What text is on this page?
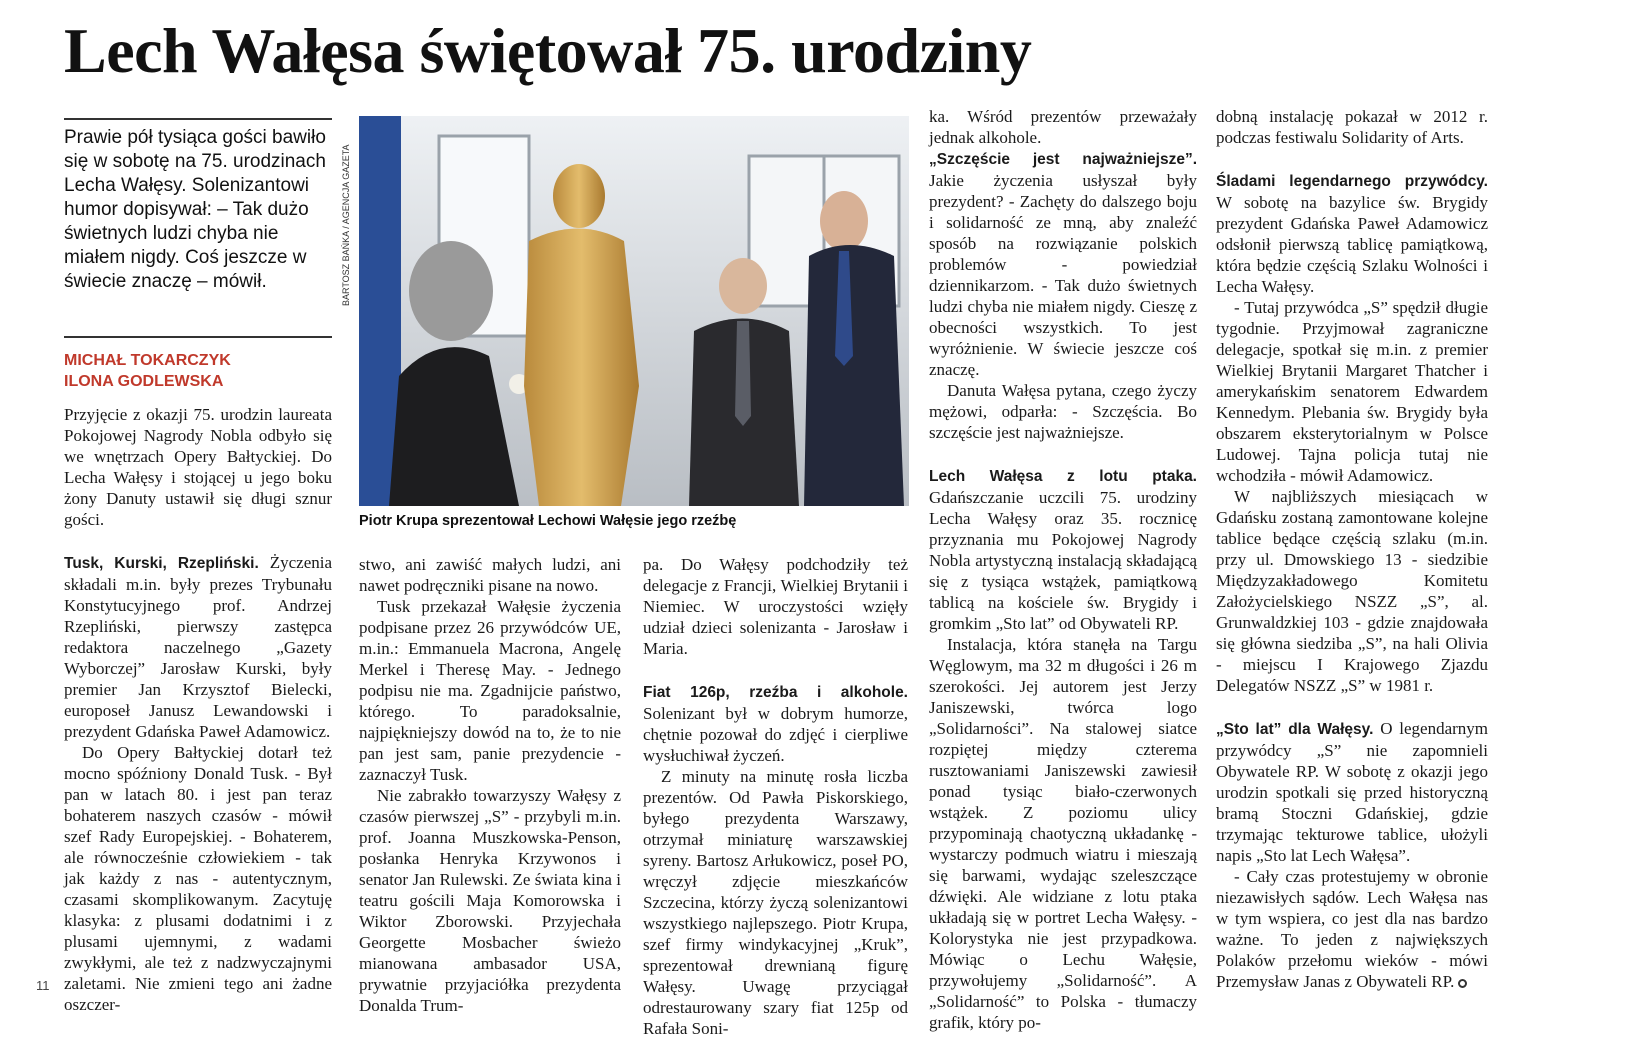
Lech Wałęsa świętował 75. urodziny
Prawie pół tysiąca gości bawiło się w sobotę na 75. urodzinach Lecha Wałęsy. Solenizantowi humor dopisywał: – Tak dużo świetnych ludzi chyba nie miałem nigdy. Coś jeszcze w świecie znaczę – mówił.
MICHAŁ TOKARCZYK
ILONA GODLEWSKA

Przyjęcie z okazji 75. urodzin laureata Pokojowej Nagrody Nobla odbyło się we wnętrzach Opery Bałtyckiej. Do Lecha Wałęsy i stojącej u jego boku żony Danuty ustawił się długi sznur gości.

Tusk, Kurski, Rzepliński. Życzenia składali m.in. były prezes Trybunału Konstytucyjnego prof. Andrzej Rzepliński, pierwszy zastępca redaktora naczelnego „Gazety Wyborczej” Jarosław Kurski, były premier Jan Krzysztof Bielecki, europoseł Janusz Lewandowski i prezydent Gdańska Paweł Adamowicz.

Do Opery Bałtyckiej dotarł też mocno spóźniony Donald Tusk. - Był pan w latach 80. i jest pan teraz bohaterem naszych czasów - mówił szef Rady Europejskiej. - Bohaterem, ale równocześnie człowiekiem - tak jak każdy z nas - autentycznym, czasami skomplikowanym. Zacytuję klasyka: z plusami dodatnimi i z plusami ujemnymi, z wadami zwykłymi, ale też z nadzwyczajnymi zaletami. Nie zmieni tego ani żadne oszczer-

BARTOSZ BAŃKA / AGENCJA GAZETA
Piotr Krupa sprezentował Lechowi Wałęsie jego rzeźbę

stwo, ani zawiść małych ludzi, ani nawet podręczniki pisane na nowo.

Tusk przekazał Wałęsie życzenia podpisane przez 26 przywódców UE, m.in.: Emmanuela Macrona, Angelę Merkel i Theresę May. - Jednego podpisu nie ma. Zgadnijcie państwo, którego. To paradoksalnie, najpiękniejszy dowód na to, że to nie pan jest sam, panie prezydencie - zaznaczył Tusk.

Nie zabrakło towarzyszy Wałęsy z czasów pierwszej „S” - przybyli m.in. prof. Joanna Muszkowska-Penson, posłanka Henryka Krzywonos i senator Jan Rulewski. Ze świata kina i teatru gościli Maja Komorowska i Wiktor Zborowski. Przyjechała Georgette Mosbacher świeżo mianowana ambasador USA, prywatnie przyjaciółka prezydenta Donalda Trum-

pa. Do Wałęsy podchodziły też delegacje z Francji, Wielkiej Brytanii i Niemiec. W uroczystości wzięły udział dzieci solenizanta - Jarosław i Maria.

Fiat 126p, rzeźba i alkohole. Solenizant był w dobrym humorze, chętnie pozował do zdjęć i cierpliwe wysłuchiwał życzeń.

Z minuty na minutę rosła liczba prezentów. Od Pawła Piskorskiego, byłego prezydenta Warszawy, otrzymał miniaturę warszawskiej syreny. Bartosz Arłukowicz, poseł PO, wręczył zdjęcie mieszkańców Szczecina, którzy życzą solenizantowi wszystkiego najlepszego. Piotr Krupa, szef firmy windykacyjnej „Kruk”, sprezentował drewnianą figurę Wałęsy. Uwagę przyciągał odrestaurowany szary fiat 125p od Rafała Soni-

ka. Wśród prezentów przeważały jednak alkohole.

„Szczęście jest najważniejsze”. Jakie życzenia usłyszał były prezydent? - Zachęty do dalszego boju i solidarność ze mną, aby znaleźć sposób na rozwiązanie polskich problemów - powiedział dziennikarzom. - Tak dużo świetnych ludzi chyba nie miałem nigdy. Cieszę z obecności wszystkich. To jest wyróżnienie. W świecie jeszcze coś znaczę.

Danuta Wałęsa pytana, czego życzy mężowi, odparła: - Szczęścia. Bo szczęście jest najważniejsze.

Lech Wałęsa z lotu ptaka. Gdańszczanie uczcili 75. urodziny Lecha Wałęsy oraz 35. rocznicę przyznania mu Pokojowej Nagrody Nobla artystyczną instalacją składającą się z tysiąca wstążek, pamiątkową tablicą na kościele św. Brygidy i gromkim „Sto lat” od Obywateli RP.

Instalacja, która stanęła na Targu Węglowym, ma 32 m długości i 26 m szerokości. Jej autorem jest Jerzy Janiszewski, twórca logo „Solidarności”. Na stalowej siatce rozpiętej między czterema rusztowaniami Janiszewski zawiesił ponad tysiąc biało-czerwonych wstążek. Z poziomu ulicy przypominają chaotyczną układankę - wystarczy podmuch wiatru i mieszają się barwami, wydając szeleszczące dźwięki. Ale widziane z lotu ptaka układają się w portret Lecha Wałęsy. - Kolorystyka nie jest przypadkowa. Mówiąc o Lechu Wałęsie, przywołujemy „Solidarność”. A „Solidarność” to Polska - tłumaczy grafik, który po-

dobną instalację pokazał w 2012 r. podczas festiwalu Solidarity of Arts.

Śladami legendarnego przywódcy. W sobotę na bazylice św. Brygidy prezydent Gdańska Paweł Adamowicz odsłonił pierwszą tablicę pamiątkową, która będzie częścią Szlaku Wolności i Lecha Wałęsy.

- Tutaj przywódca „S” spędził długie tygodnie. Przyjmował zagraniczne delegacje, spotkał się m.in. z premier Wielkiej Brytanii Margaret Thatcher i amerykańskim senatorem Edwardem Kennedym. Plebania św. Brygidy była obszarem eksterytorialnym w Polsce Ludowej. Tajna policja tutaj nie wchodziła - mówił Adamowicz.

W najbliższych miesiącach w Gdańsku zostaną zamontowane kolejne tablice będące częścią szlaku (m.in. przy ul. Dmowskiego 13 - siedzibie Międzyzakładowego Komitetu Założycielskiego NSZZ „S”, al. Grunwaldzkiej 103 - gdzie znajdowała się główna siedziba „S”, na hali Olivia - miejscu I Krajowego Zjazdu Delegatów NSZZ „S” w 1981 r.

„Sto lat” dla Wałęsy. O legendarnym przywódcy „S” nie zapomnieli Obywatele RP. W sobotę z okazji jego urodzin spotkali się przed historyczną bramą Stoczni Gdańskiej, gdzie trzymając tekturowe tablice, ułożyli napis „Sto lat Lech Wałęsa”.

- Cały czas protestujemy w obronie niezawisłych sądów. Lech Wałęsa nas w tym wspiera, co jest dla nas bardzo ważne. To jeden z największych Polaków przełomu wieków - mówi Przemysław Janas z Obywateli RP.

11
